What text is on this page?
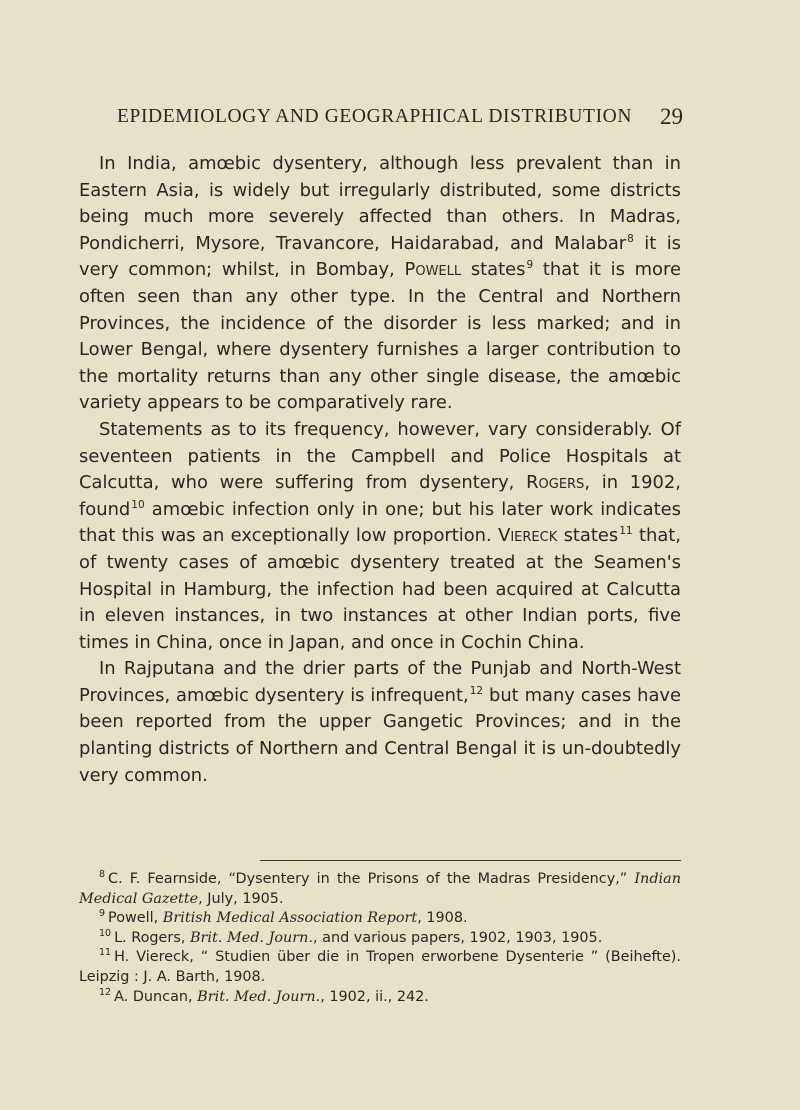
EPIDEMIOLOGY AND GEOGRAPHICAL DISTRIBUTION 29

In India, amœbic dysentery, although less prevalent than in Eastern Asia, is widely but irregularly distributed, some districts being much more severely affected than others. In Madras, Pondicherri, Mysore, Travancore, Haidarabad, and Malabar$^8$ it is very common; whilst, in Bombay, Powell states$^9$ that it is more often seen than any other type. In the Central and Northern Provinces, the incidence of the disorder is less marked; and in Lower Bengal, where dysentery furnishes a larger contribution to the mortality returns than any other single disease, the amœbic variety appears to be comparatively rare.

Statements as to its frequency, however, vary considerably. Of seventeen patients in the Campbell and Police Hospitals at Calcutta, who were suffering from dysentery, Rogers, in 1902, found$^{10}$ amœbic infection only in one; but his later work indicates that this was an exceptionally low proportion. Viereck states$^{11}$ that, of twenty cases of amœbic dysentery treated at the Seamen's Hospital in Hamburg, the infection had been acquired at Calcutta in eleven instances, in two instances at other Indian ports, five times in China, once in Japan, and once in Cochin China.

In Rajputana and the drier parts of the Punjab and North-West Provinces, amœbic dysentery is infrequent,$^{12}$ but many cases have been reported from the upper Gangetic Provinces; and in the planting districts of Northern and Central Bengal it is un-doubtedly very common.

$^8$ C. F. Fearnside, “Dysentery in the Prisons of the Madras Presidency,” Indian Medical Gazette, July, 1905.

$^9$ Powell, British Medical Association Report, 1908.

$^{10}$ L. Rogers, Brit. Med. Journ., and various papers, 1902, 1903, 1905.

$^{11}$ H. Viereck, “ Studien über die in Tropen erworbene Dysenterie ” (Beihefte). Leipzig : J. A. Barth, 1908.

$^{12}$ A. Duncan, Brit. Med. Journ., 1902, ii., 242.
